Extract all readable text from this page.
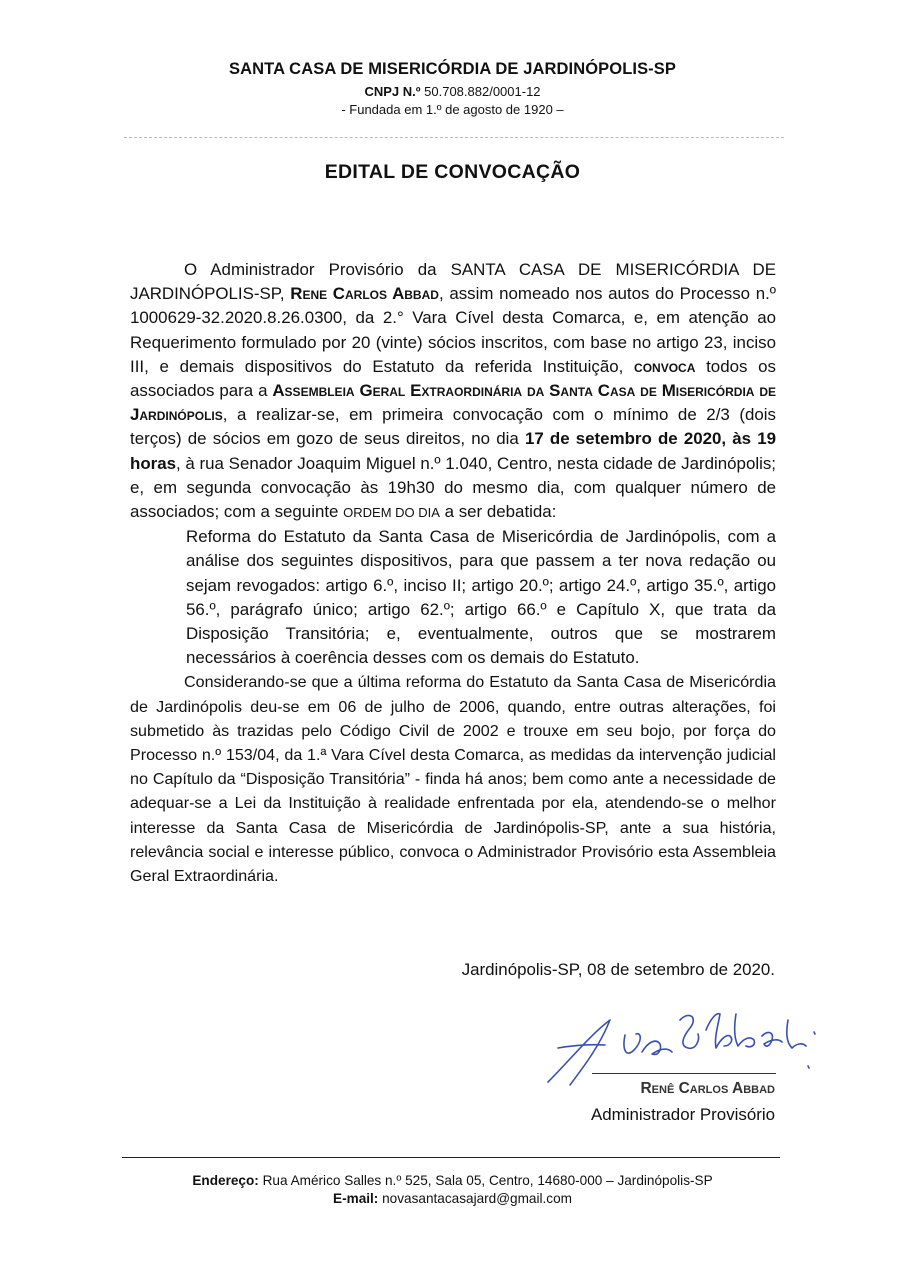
SANTA CASA DE MISERICÓRDIA DE JARDINÓPOLIS-SP
CNPJ N.º 50.708.882/0001-12
- Fundada em 1.º de agosto de 1920 –
EDITAL DE CONVOCAÇÃO

O Administrador Provisório da SANTA CASA DE MISERICÓRDIA DE JARDINÓPOLIS-SP, Rene Carlos Abbad, assim nomeado nos autos do Processo n.º 1000629-32.2020.8.26.0300, da 2.° Vara Cível desta Comarca, e, em atenção ao Requerimento formulado por 20 (vinte) sócios inscritos, com base no artigo 23, inciso III, e demais dispositivos do Estatuto da referida Instituição, convoca todos os associados para a Assembleia Geral Extraordinária da Santa Casa de Misericórdia de Jardinópolis, a realizar-se, em primeira convocação com o mínimo de 2/3 (dois terços) de sócios em gozo de seus direitos, no dia 17 de setembro de 2020, às 19 horas, à rua Senador Joaquim Miguel n.º 1.040, Centro, nesta cidade de Jardinópolis; e, em segunda convocação às 19h30 do mesmo dia, com qualquer número de associados; com a seguinte ORDEM DO DIA a ser debatida:

Reforma do Estatuto da Santa Casa de Misericórdia de Jardinópolis, com a análise dos seguintes dispositivos, para que passem a ter nova redação ou sejam revogados: artigo 6.º, inciso II; artigo 20.º; artigo 24.º, artigo 35.º, artigo 56.º, parágrafo único; artigo 62.º; artigo 66.º e Capítulo X, que trata da Disposição Transitória; e, eventualmente, outros que se mostrarem necessários à coerência desses com os demais do Estatuto.

Considerando-se que a última reforma do Estatuto da Santa Casa de Misericórdia de Jardinópolis deu-se em 06 de julho de 2006, quando, entre outras alterações, foi submetido às trazidas pelo Código Civil de 2002 e trouxe em seu bojo, por força do Processo n.º 153/04, da 1.ª Vara Cível desta Comarca, as medidas da intervenção judicial no Capítulo da “Disposição Transitória” - finda há anos; bem como ante a necessidade de adequar-se a Lei da Instituição à realidade enfrentada por ela, atendendo-se o melhor interesse da Santa Casa de Misericórdia de Jardinópolis-SP, ante a sua história, relevância social e interesse público, convoca o Administrador Provisório esta Assembleia Geral Extraordinária.

Jardinópolis-SP, 08 de setembro de 2020.
Renê Carlos Abbad
Administrador Provisório
Endereço: Rua Américo Salles n.º 525, Sala 05, Centro, 14680-000 – Jardinópolis-SP
E-mail: novasantacasajard@gmail.com
